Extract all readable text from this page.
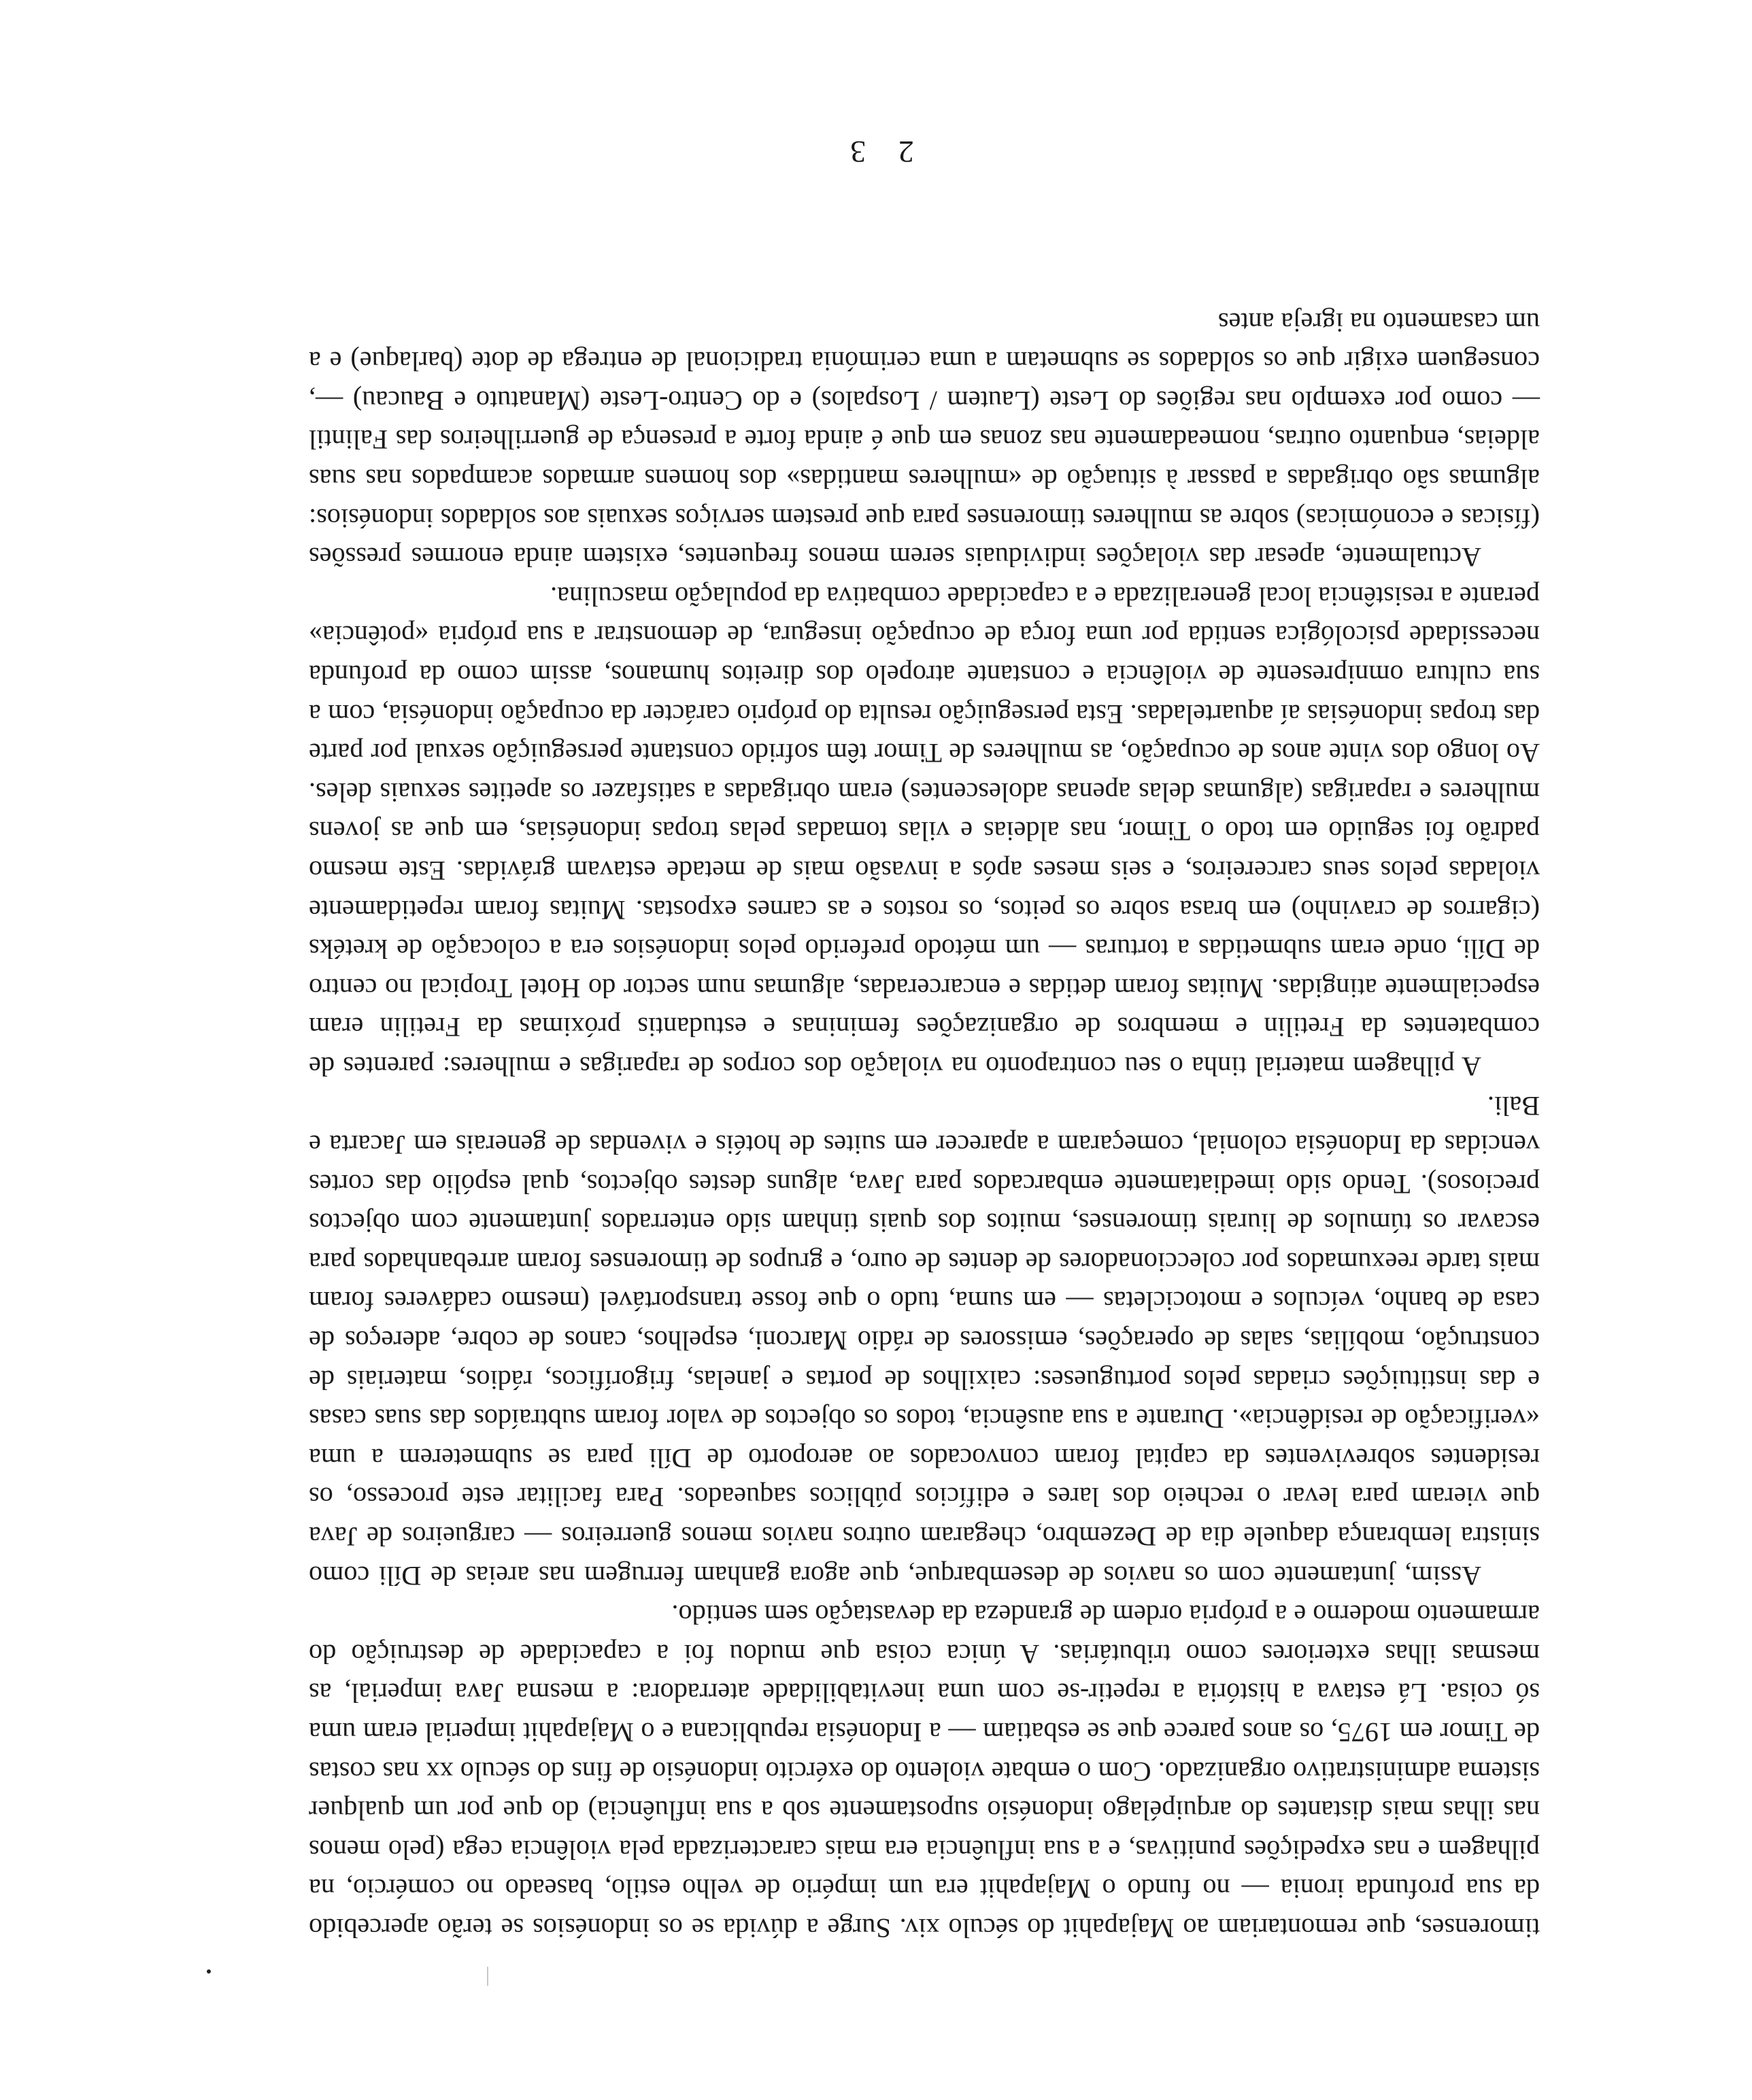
timorenses, que remontariam ao Majapahit do século xiv. Surge a dúvida se os indonésios se terão apercebido da sua profunda ironia — no fundo o Majapahit era um império de velho estilo, baseado no comércio, na pilhagem e nas expedições punitivas, e a sua influência era mais caracterizada pela violência cega (pelo menos nas ilhas mais distantes do arquipélago indonésio supostamente sob a sua influência) do que por um qualquer sistema administrativo organizado. Com o embate violento do exército indonésio de fins do século xx nas costas de Timor em 1975, os anos parece que se esbatiam — a Indonésia republicana e o Majapahit imperial eram uma só coisa. Lá estava a história a repetir-se com uma inevitabilidade aterradora: a mesma Java imperial, as mesmas ilhas exteriores como tributárias. A única coisa que mudou foi a capacidade de destruição do armamento moderno e a própria ordem de grandeza da devastação sem sentido.

Assim, juntamente com os navios de desembarque, que agora ganham ferrugem nas areias de Díli como sinistra lembrança daquele dia de Dezembro, chegaram outros navios menos guerreiros — cargueiros de Java que vieram para levar o recheio dos lares e edifícios públicos saqueados. Para facilitar este processo, os residentes sobreviventes da capital foram convocados ao aeroporto de Díli para se submeterem a uma «verificação de residência». Durante a sua ausência, todos os objectos de valor foram subtraídos das suas casas e das instituições criadas pelos portugueses: caixilhos de portas e janelas, frigoríficos, rádios, materiais de construção, mobílias, salas de operações, emissores de rádio Marconi, espelhos, canos de cobre, adereços de casa de banho, veículos e motocicletas — em suma, tudo o que fosse transportável (mesmo cadáveres foram mais tarde reexumados por coleccionadores de dentes de ouro, e grupos de timorenses foram arrebanhados para escavar os túmulos de liurais timorenses, muitos dos quais tinham sido enterrados juntamente com objectos preciosos). Tendo sido imediatamente embarcados para Java, alguns destes objectos, qual espólio das cortes vencidas da Indonésia colonial, começaram a aparecer em suites de hotéis e vivendas de generais em Jacarta e Bali.

A pilhagem material tinha o seu contraponto na violação dos corpos de raparigas e mulheres: parentes de combatentes da Fretilin e membros de organizações femininas e estudantis próximas da Fretilin eram especialmente atingidas. Muitas foram detidas e encarceradas, algumas num sector do Hotel Tropical no centro de Díli, onde eram submetidas a torturas — um método preferido pelos indonésios era a colocação de kretéks (cigarros de cravinho) em brasa sobre os peitos, os rostos e as carnes expostas. Muitas foram repetidamente violadas pelos seus carcereiros, e seis meses após a invasão mais de metade estavam grávidas. Este mesmo padrão foi seguido em todo o Timor, nas aldeias e vilas tomadas pelas tropas indonésias, em que as jovens mulheres e raparigas (algumas delas apenas adolescentes) eram obrigadas a satisfazer os apetites sexuais deles. Ao longo dos vinte anos de ocupação, as mulheres de Timor têm sofrido constante perseguição sexual por parte das tropas indonésias aí aquarteladas. Esta perseguição resulta do próprio carácter da ocupação indonésia, com a sua cultura omnipresente de violência e constante atropelo dos direitos humanos, assim como da profunda necessidade psicológica sentida por uma força de ocupação insegura, de demonstrar a sua própria «potência» perante a resistência local generalizada e a capacidade combativa da população masculina.

Actualmente, apesar das violações individuais serem menos frequentes, existem ainda enormes pressões (físicas e económicas) sobre as mulheres timorenses para que prestem serviços sexuais aos soldados indonésios: algumas são obrigadas a passar à situação de «mulheres mantidas» dos homens armados acampados nas suas aldeias, enquanto outras, nomeadamente nas zonas em que é ainda forte a presença de guerrilheiros das Falintil — como por exemplo nas regiões do Leste (Lautem / Lospalos) e do Centro-Leste (Manatuto e Baucau) —, conseguem exigir que os soldados se submetam a uma cerimónia tradicional de entrega de dote (barlaque) e a um casamento na igreja antes

2 3
